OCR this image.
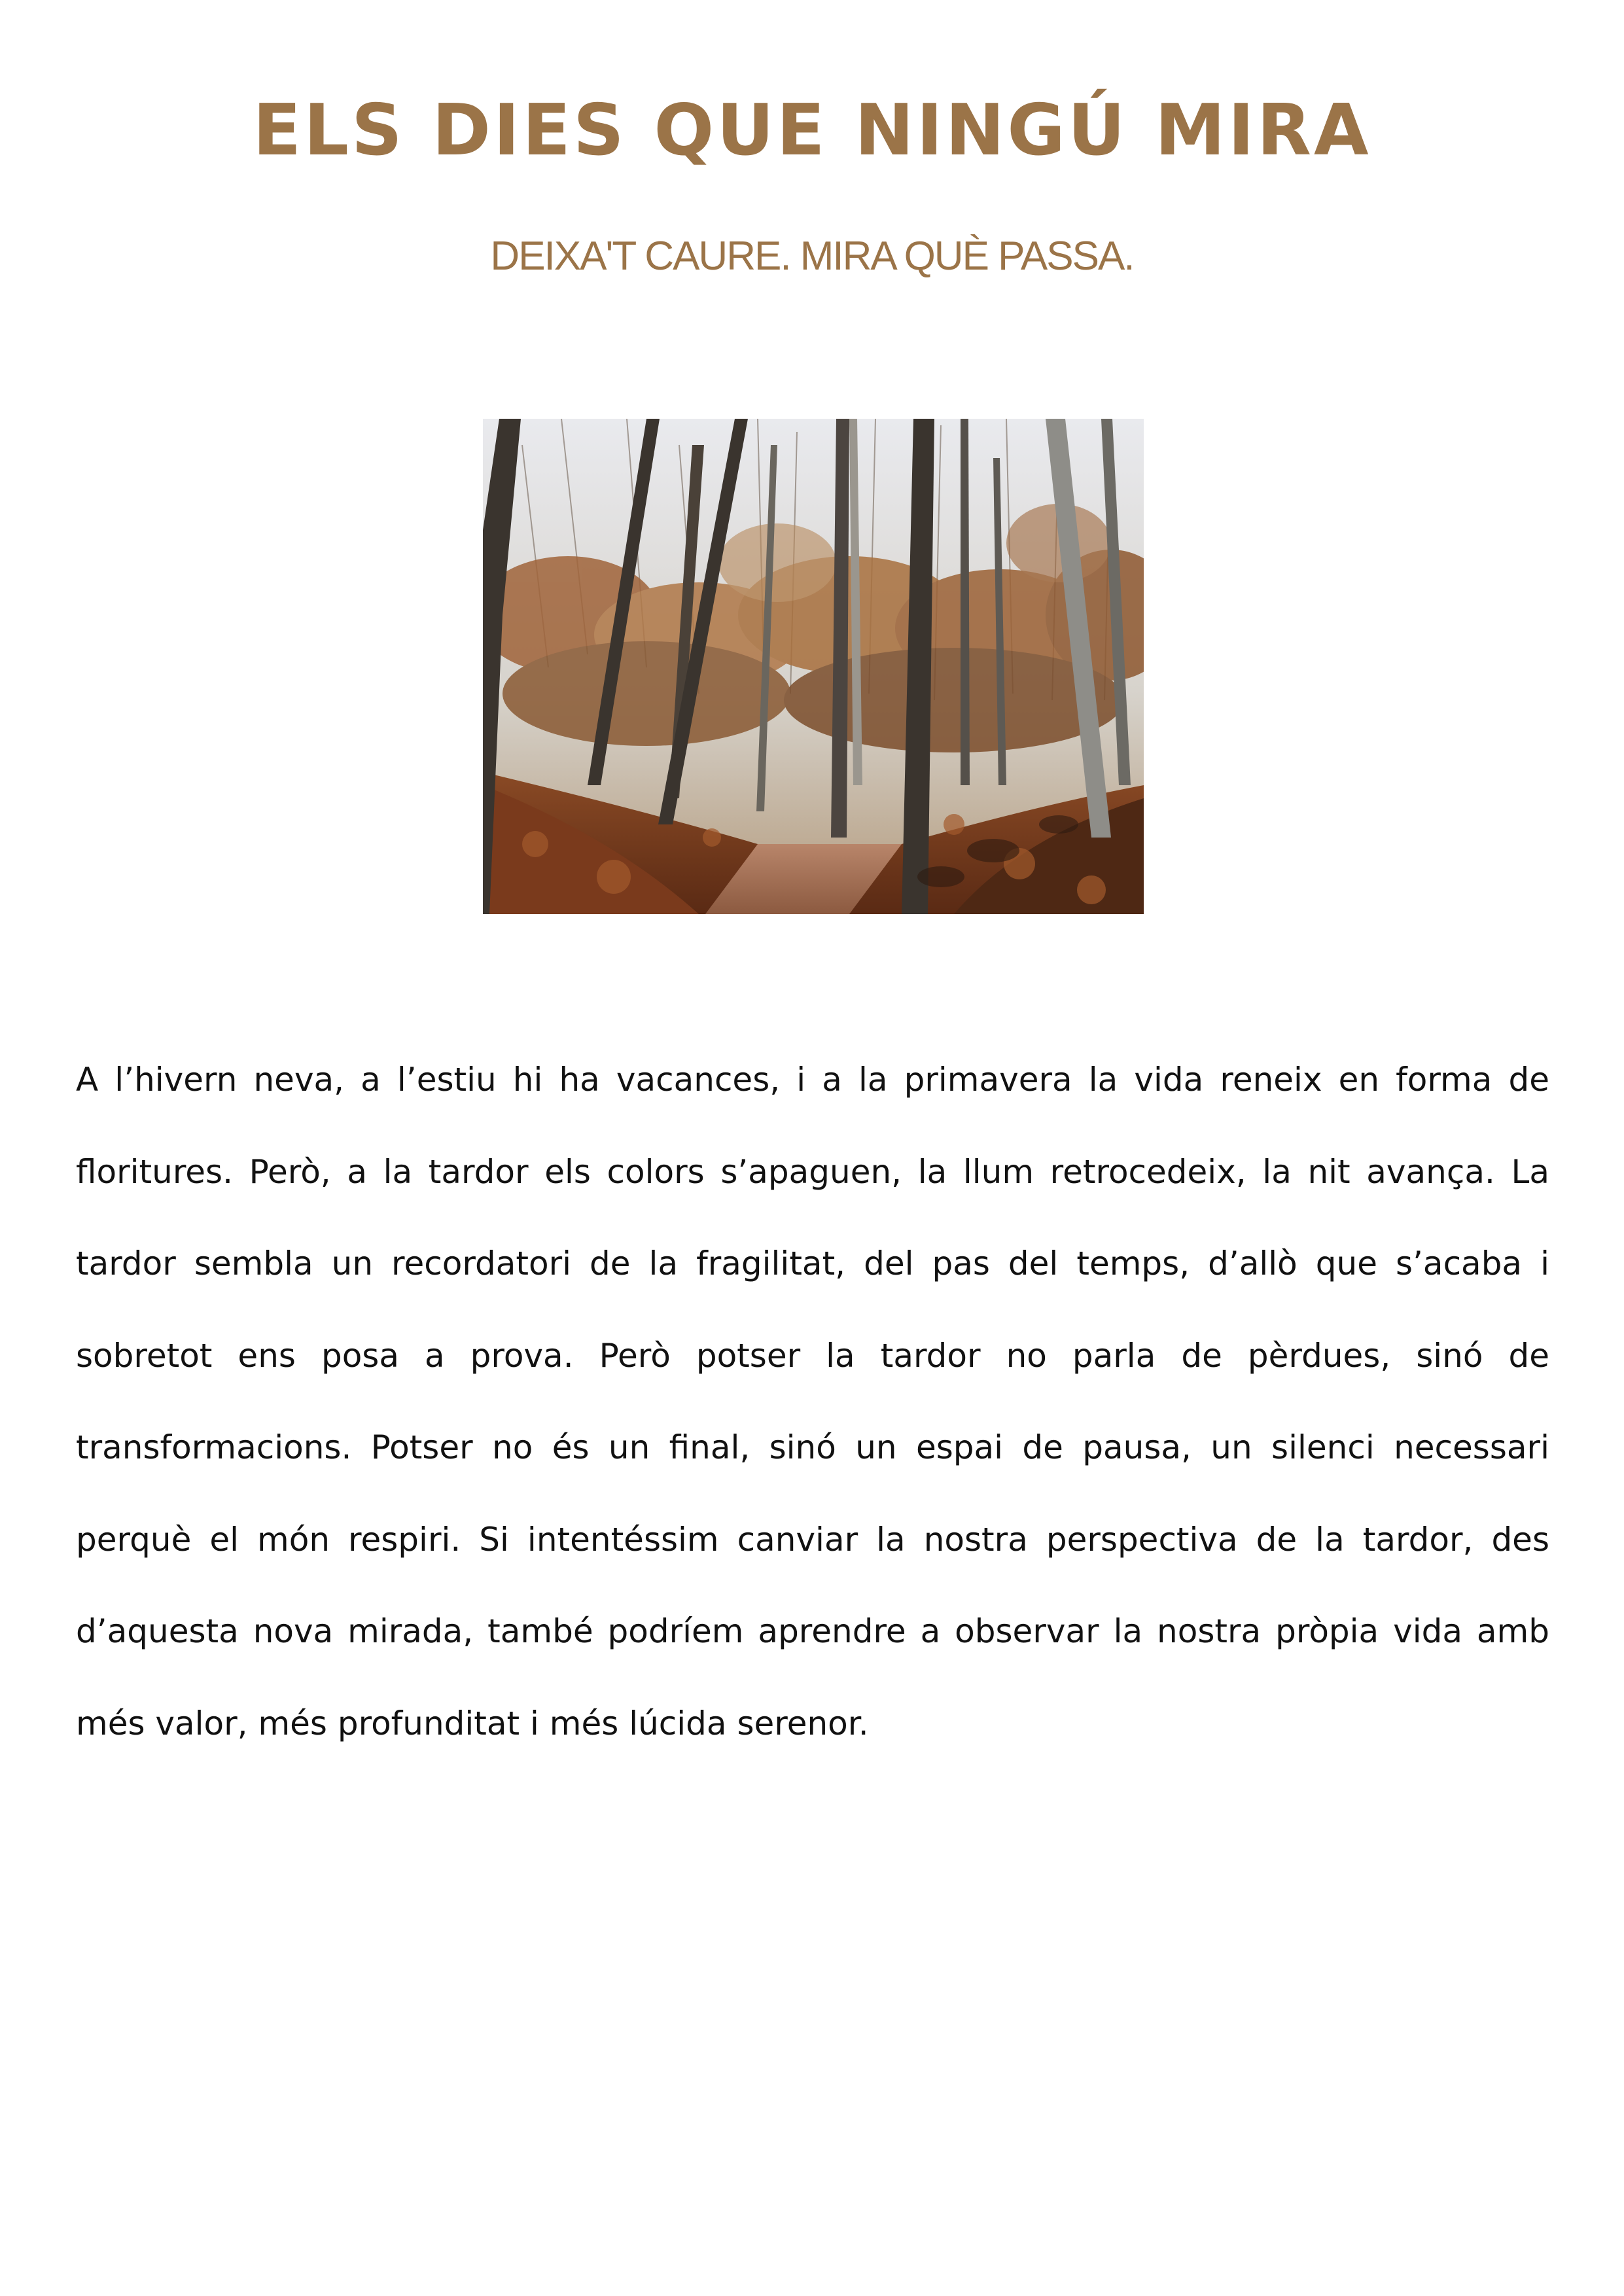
ELS DIES QUE NINGÚ MIRA

DEIXA'T CAURE. MIRA QUÈ PASSA.

A l’hivern neva, a l’estiu hi ha vacances, i a la primavera la vida reneix en forma de floritures. Però, a la tardor els colors s’apaguen, la llum retrocedeix, la nit avança. La tardor sembla un recordatori de la fragilitat, del pas del temps, d’allò que s’acaba i sobretot ens posa a prova. Però potser la tardor no parla de pèrdues, sinó de transformacions. Potser no és un final, sinó un espai de pausa, un silenci necessari perquè el món respiri. Si intentéssim canviar la nostra perspectiva de la tardor, des d’aquesta nova mirada, també podríem aprendre a observar la nostra pròpia vida amb més valor, més profunditat i més lúcida serenor.
